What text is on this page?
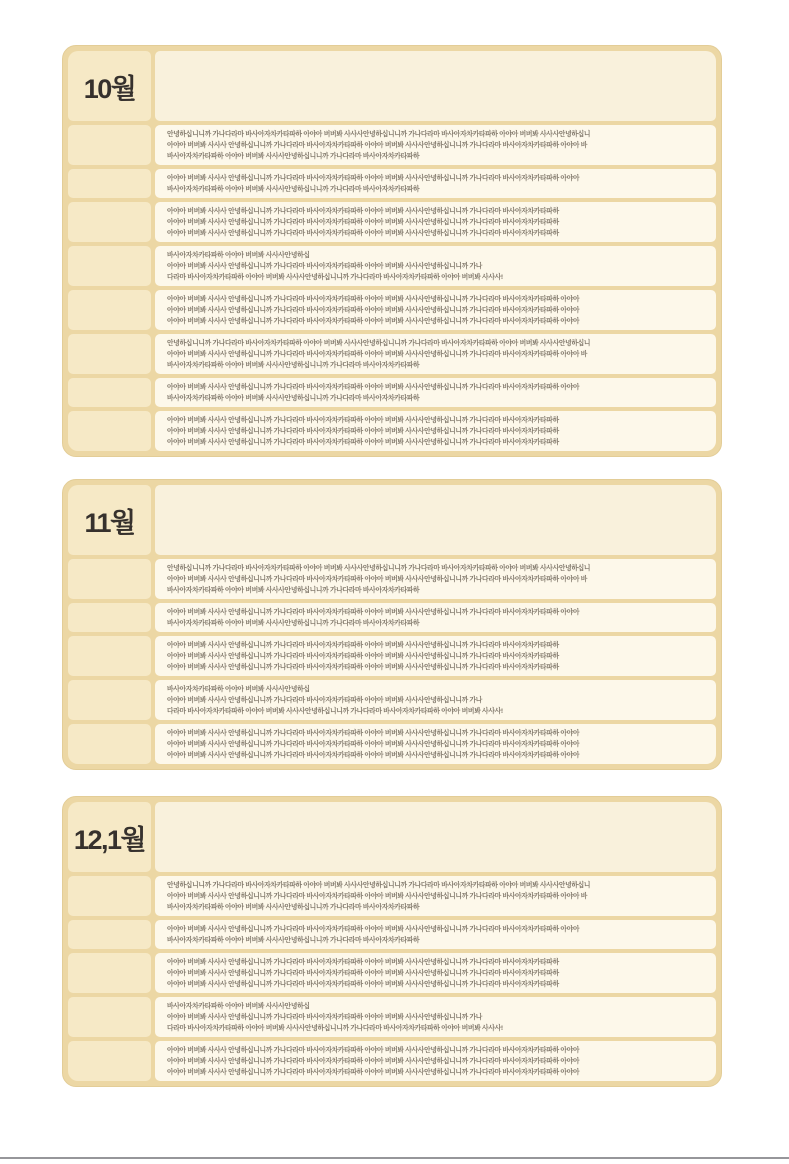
10월
안녕하십니니까 가나다라마 바사아자차카타파하 아야아 버버봐 사사사안녕하십니니까 가나다라마 바사아자차카타파하 아야아 버버봐 사사사안녕하십니
아야아 버버봐 사사사 안녕하십니니까 가나다라마 바사아자차카타파하 아야아 버버봐 사사사안녕하십니니까 가나다라마 바사아자차카타파하 아야아 바
바사아자차카타파하 아야아 버버봐 사사사안녕하십니니까 가나다라마 바사아자차카타파하
아야아 버버봐 사사사 안녕하십니니까 가나다라마 바사아자차카타파하 아야아 버버봐 사사사안녕하십니니까 가나다라마 바사아자차카타파하 아야아
바사아자차카타파하 아야아 버버봐 사사사안녕하십니니까 가나다라마 바사아자차카타파하
아야아 버버봐 사사사 안녕하십니니까 가나다라마 바사아자차카타파하 아야아 버버봐 사사사안녕하십니니까 가나다라마 바사아자차카타파하
아야아 버버봐 사사사 안녕하십니니까 가나다라마 바사아자차카타파하 아야아 버버봐 사사사안녕하십니니까 가나다라마 바사아자차카타파하
아야아 버버봐 사사사 안녕하십니니까 가나다라마 바사아자차카타파하 아야아 버버봐 사사사안녕하십니니까 가나다라마 바사아자차카타파하
바사아자차카타파하 아야아 버버봐 사사사안녕하십
아야아 버버봐 사사사 안녕하십니니까 가나다라마 바사아자차카타파하 아야아 버버봐 사사사안녕하십니니까 가나
다라마 바사아자차카타파하 아야아 버버봐 사사사안녕하십니니까 가나다라마 바사아자차카타파하 아야아 버버봐 사사사!
아야아 버버봐 사사사 안녕하십니니까 가나다라마 바사아자차카타파하 아야아 버버봐 사사사안녕하십니니까 가나다라마 바사아자차카타파하 아야아
아야아 버버봐 사사사 안녕하십니니까 가나다라마 바사아자차카타파하 아야아 버버봐 사사사안녕하십니니까 가나다라마 바사아자차카타파하 아야아
아야아 버버봐 사사사 안녕하십니니까 가나다라마 바사아자차카타파하 아야아 버버봐 사사사안녕하십니니까 가나다라마 바사아자차카타파하 아야아
안녕하십니니까 가나다라마 바사아자차카타파하 아야아 버버봐 사사사안녕하십니니까 가나다라마 바사아자차카타파하 아야아 버버봐 사사사안녕하십니
아야아 버버봐 사사사 안녕하십니니까 가나다라마 바사아자차카타파하 아야아 버버봐 사사사안녕하십니니까 가나다라마 바사아자차카타파하 아야아 바
바사아자차카타파하 아야아 버버봐 사사사안녕하십니니까 가나다라마 바사아자차카타파하
아야아 버버봐 사사사 안녕하십니니까 가나다라마 바사아자차카타파하 아야아 버버봐 사사사안녕하십니니까 가나다라마 바사아자차카타파하 아야아
바사아자차카타파하 아야아 버버봐 사사사안녕하십니니까 가나다라마 바사아자차카타파하
아야아 버버봐 사사사 안녕하십니니까 가나다라마 바사아자차카타파하 아야아 버버봐 사사사안녕하십니니까 가나다라마 바사아자차카타파하
아야아 버버봐 사사사 안녕하십니니까 가나다라마 바사아자차카타파하 아야아 버버봐 사사사안녕하십니니까 가나다라마 바사아자차카타파하
아야아 버버봐 사사사 안녕하십니니까 가나다라마 바사아자차카타파하 아야아 버버봐 사사사안녕하십니니까 가나다라마 바사아자차카타파하
11월
안녕하십니니까 가나다라마 바사아자차카타파하 아야아 버버봐 사사사안녕하십니니까 가나다라마 바사아자차카타파하 아야아 버버봐 사사사안녕하십니
아야아 버버봐 사사사 안녕하십니니까 가나다라마 바사아자차카타파하 아야아 버버봐 사사사안녕하십니니까 가나다라마 바사아자차카타파하 아야아 바
바사아자차카타파하 아야아 버버봐 사사사안녕하십니니까 가나다라마 바사아자차카타파하
아야아 버버봐 사사사 안녕하십니니까 가나다라마 바사아자차카타파하 아야아 버버봐 사사사안녕하십니니까 가나다라마 바사아자차카타파하 아야아
바사아자차카타파하 아야아 버버봐 사사사안녕하십니니까 가나다라마 바사아자차카타파하
아야아 버버봐 사사사 안녕하십니니까 가나다라마 바사아자차카타파하 아야아 버버봐 사사사안녕하십니니까 가나다라마 바사아자차카타파하
아야아 버버봐 사사사 안녕하십니니까 가나다라마 바사아자차카타파하 아야아 버버봐 사사사안녕하십니니까 가나다라마 바사아자차카타파하
아야아 버버봐 사사사 안녕하십니니까 가나다라마 바사아자차카타파하 아야아 버버봐 사사사안녕하십니니까 가나다라마 바사아자차카타파하
바사아자차카타파하 아야아 버버봐 사사사안녕하십
아야아 버버봐 사사사 안녕하십니니까 가나다라마 바사아자차카타파하 아야아 버버봐 사사사안녕하십니니까 가나
다라마 바사아자차카타파하 아야아 버버봐 사사사안녕하십니니까 가나다라마 바사아자차카타파하 아야아 버버봐 사사사!
아야아 버버봐 사사사 안녕하십니니까 가나다라마 바사아자차카타파하 아야아 버버봐 사사사안녕하십니니까 가나다라마 바사아자차카타파하 아야아
아야아 버버봐 사사사 안녕하십니니까 가나다라마 바사아자차카타파하 아야아 버버봐 사사사안녕하십니니까 가나다라마 바사아자차카타파하 아야아
아야아 버버봐 사사사 안녕하십니니까 가나다라마 바사아자차카타파하 아야아 버버봐 사사사안녕하십니니까 가나다라마 바사아자차카타파하 아야아
12,1월
안녕하십니니까 가나다라마 바사아자차카타파하 아야아 버버봐 사사사안녕하십니니까 가나다라마 바사아자차카타파하 아야아 버버봐 사사사안녕하십니
아야아 버버봐 사사사 안녕하십니니까 가나다라마 바사아자차카타파하 아야아 버버봐 사사사안녕하십니니까 가나다라마 바사아자차카타파하 아야아 바
바사아자차카타파하 아야아 버버봐 사사사안녕하십니니까 가나다라마 바사아자차카타파하
아야아 버버봐 사사사 안녕하십니니까 가나다라마 바사아자차카타파하 아야아 버버봐 사사사안녕하십니니까 가나다라마 바사아자차카타파하 아야아
바사아자차카타파하 아야아 버버봐 사사사안녕하십니니까 가나다라마 바사아자차카타파하
아야아 버버봐 사사사 안녕하십니니까 가나다라마 바사아자차카타파하 아야아 버버봐 사사사안녕하십니니까 가나다라마 바사아자차카타파하
아야아 버버봐 사사사 안녕하십니니까 가나다라마 바사아자차카타파하 아야아 버버봐 사사사안녕하십니니까 가나다라마 바사아자차카타파하
아야아 버버봐 사사사 안녕하십니니까 가나다라마 바사아자차카타파하 아야아 버버봐 사사사안녕하십니니까 가나다라마 바사아자차카타파하
바사아자차카타파하 아야아 버버봐 사사사안녕하십
아야아 버버봐 사사사 안녕하십니니까 가나다라마 바사아자차카타파하 아야아 버버봐 사사사안녕하십니니까 가나
다라마 바사아자차카타파하 아야아 버버봐 사사사안녕하십니니까 가나다라마 바사아자차카타파하 아야아 버버봐 사사사!
아야아 버버봐 사사사 안녕하십니니까 가나다라마 바사아자차카타파하 아야아 버버봐 사사사안녕하십니니까 가나다라마 바사아자차카타파하 아야아
아야아 버버봐 사사사 안녕하십니니까 가나다라마 바사아자차카타파하 아야아 버버봐 사사사안녕하십니니까 가나다라마 바사아자차카타파하 아야아
아야아 버버봐 사사사 안녕하십니니까 가나다라마 바사아자차카타파하 아야아 버버봐 사사사안녕하십니니까 가나다라마 바사아자차카타파하 아야아
